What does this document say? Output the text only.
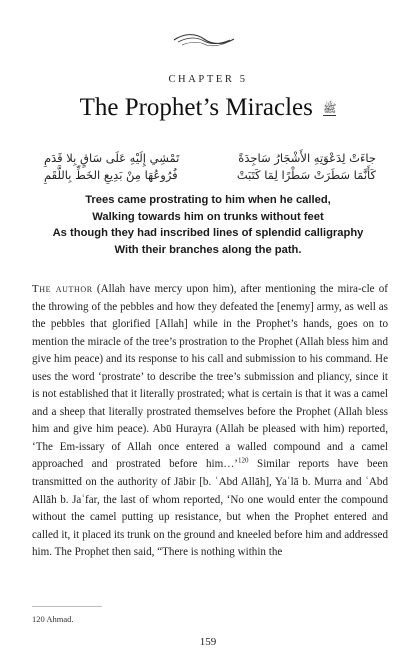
CHAPTER 5
The Prophet’s Miracles ﷺ
جاءَتْ لِدَعْوَتِهِ الأَشْجَارُ سَاجِدَةً
تَمْشِي إِلَيْهِ عَلَى سَاقٍ بِلا قَدَمِ
كَأَنَّمَا سَطَرَتْ سَطْرًا لِمَا كَتَبَتْ
فُرُوعُهَا مِنْ بَدِيعِ الخَطِّ بِاللَّقَمِ
Trees came prostrating to him when he called,
Walking towards him on trunks without feet
As though they had inscribed lines of splendid calligraphy
With their branches along the path.
The author (Allah have mercy upon him), after mentioning the mira-cle of the throwing of the pebbles and how they defeated the [enemy] army, as well as the pebbles that glorified [Allah] while in the Prophet’s hands, goes on to mention the miracle of the tree’s prostration to the Prophet (Allah bless him and give him peace) and its response to his call and submission to his command. He uses the word ‘prostrate’ to describe the tree’s submission and pliancy, since it is not established that it literally prostrated; what is certain is that it was a camel and a sheep that literally prostrated themselves before the Prophet (Allah bless him and give him peace). Abū Hurayra (Allah be pleased with him) reported, ‘The Em-issary of Allah once entered a walled compound and a camel approached and prostrated before him…’$^{120}$ Similar reports have been transmitted on the authority of Jābir [b. ʿAbd Allāh], Yaʿlā b. Murra and ʿAbd Allāh b. Jaʿfar, the last of whom reported, ‘No one would enter the compound without the camel putting up resistance, but when the Prophet entered and called it, it placed its trunk on the ground and kneeled before him and addressed him. The Prophet then said, “There is nothing within the
120 Ahmad.
159
